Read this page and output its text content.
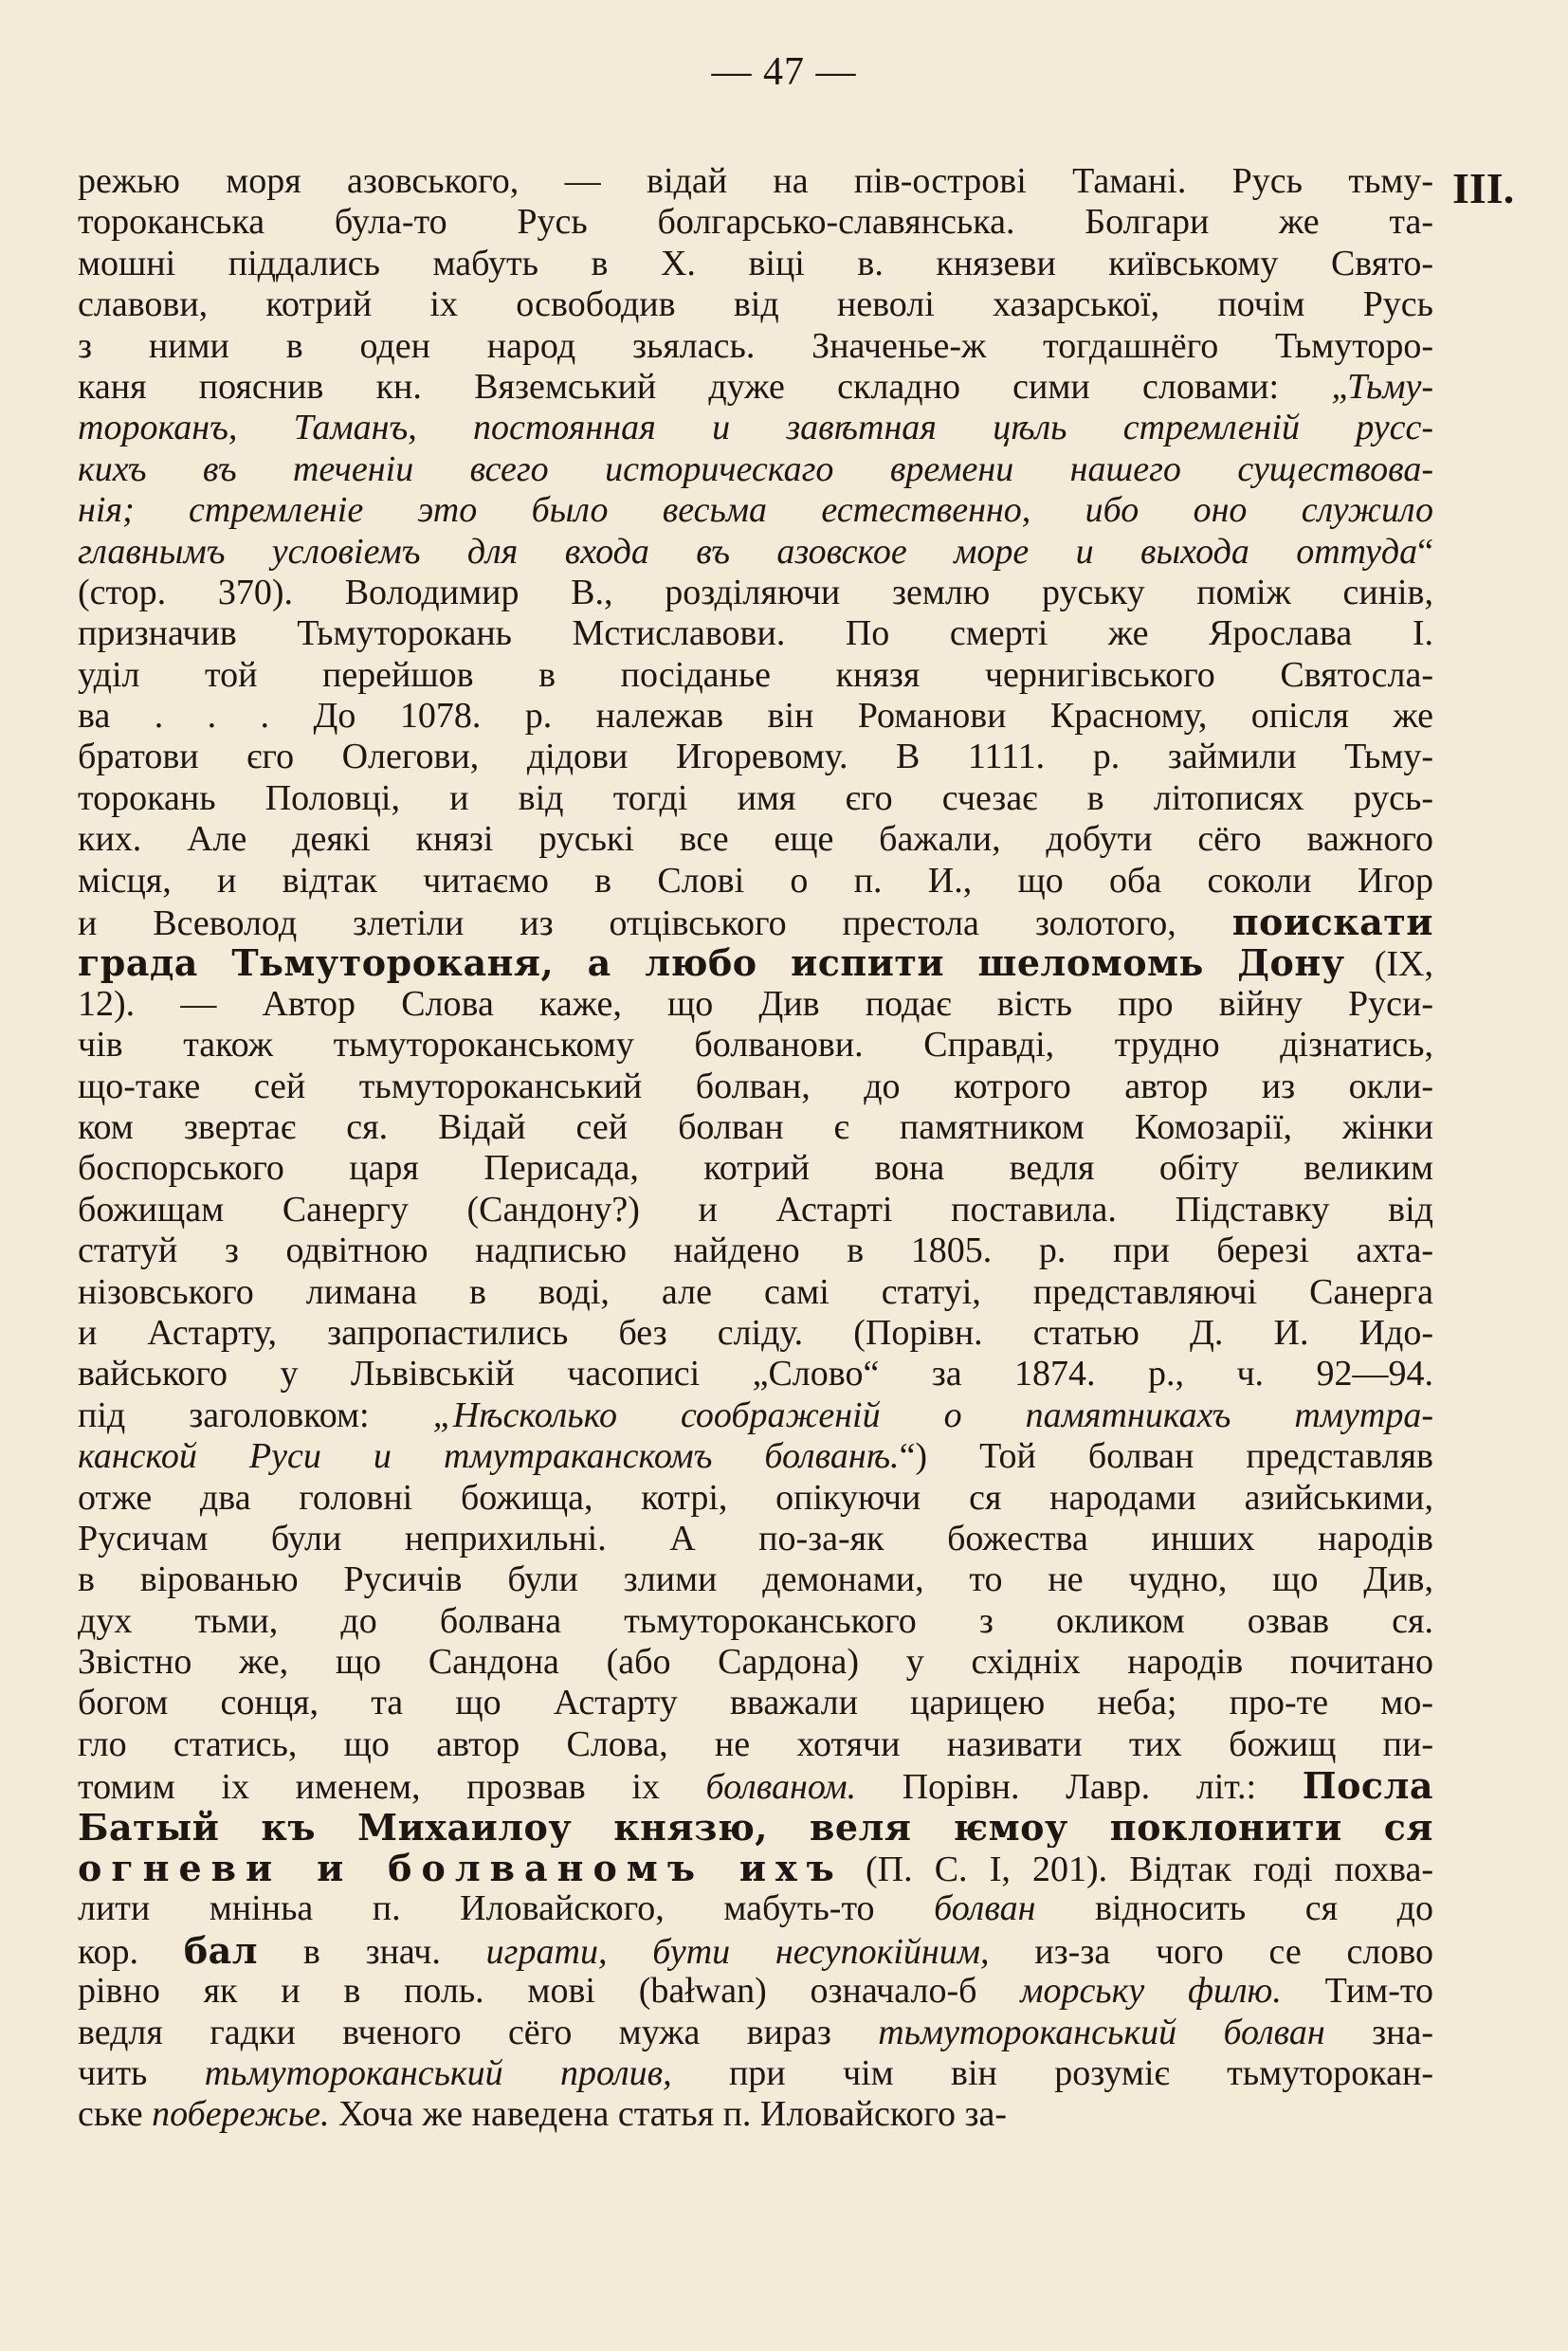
— 47 —
III.
режью моря азовського, — відай на пів-острові Тамані. Русь тьму-
тороканська була-то Русь болгарсько-славянська. Болгари же та-
мошні піддались мабуть в X. віці в. князеви київському Свято-
славови, котрий іх освободив від неволі хазарської, почім Русь
з ними в оден народ зьялась. Значенье-ж тогдашнёго Тьмуторо-
каня пояснив кн. Вяземський дуже складно сими словами: „Тьму-
тороканъ, Таманъ, постоянная и завѣтная цѣль стремленій русс-
кихъ въ теченіи всего историческаго времени нашего существова-
нія; стремленіе это было весьма естественно, ибо оно служило
главнымъ условіемъ для входа въ азовское море и выхода оттуда“
(стор. 370). Володимир В., розділяючи землю руську поміж синів,
призначив Тьмуторокань Мстиславови. По смерті же Ярослава I.
уділ той перейшов в посіданье князя чернигівського Святосла-
ва . . . До 1078. р. належав він Романови Красному, опісля же
братови єго Олегови, дідови Игоревому. В 1111. р. займили Тьму-
торокань Половці, и від тогді имя єго счезає в літописях русь-
ких. Але деякі князі руські все еще бажали, добути сёго важного
місця, и відтак читаємо в Слові о п. И., що оба соколи Игор
и Всеволод злетіли из отцівського престола золотого, поискати
града Тьмутороканя, а любо испити шеломомь Дону (IX,
12). — Автор Слова каже, що Див подає вість про війну Руси-
чів також тьмутороканському болванови. Справді, трудно дізнатись,
що-таке сей тьмутороканський болван, до котрого автор из окли-
ком звертає ся. Відай сей болван є памятником Комозарії, жінки
боспорського царя Перисада, котрий вона ведля обіту великим
божищам Санергу (Сандону?) и Астарті поставила. Підставку від
статуй з одвітною надписью найдено в 1805. р. при березі ахта-
нізовського лимана в воді, але самі статуі, представляючі Санерга
и Астарту, запропастились без сліду. (Порівн. статью Д. И. Идо-
вайського у Львівській часописі „Слово“ за 1874. р., ч. 92—94.
під заголовком: „Нѣсколько соображеній о памятникахъ тмутра-
канской Руси и тмутраканскомъ болванѣ.“) Той болван представляв
отже два головні божища, котрі, опікуючи ся народами азийськими,
Русичам були неприхильні. А по-за-як божества инших народів
в вірованью Русичів були злими демонами, то не чудно, що Див,
дух тьми, до болвана тьмутороканського з окликом озвав ся.
Звістно же, що Сандона (або Сардона) у східніх народів почитано
богом сонця, та що Астарту вважали царицею неба; про-те мо-
гло статись, що автор Слова, не хотячи називати тих божищ пи-
томим іх именем, прозвав іх болваном. Порівн. Лавр. літ.: Посла
Батый къ Михаилоу князю, веля ѥмоу поклонити ся
огневи и болваномъ ихъ (П. С. I, 201). Відтак годі похва-
лити мніньа п. Иловайского, мабуть-то болван відносить ся до
кор. бал в знач. играти, бути несупокійним, из-за чого се слово
рівно як и в поль. мові (bałwan) означало-б морську филю. Тим-то
ведля гадки вченого сёго мужа вираз тьмутороканський болван зна-
чить тьмутороканський пролив, при чім він розуміє тьмуторокан-
ське побережье. Хоча же наведена статья п. Иловайского за-
